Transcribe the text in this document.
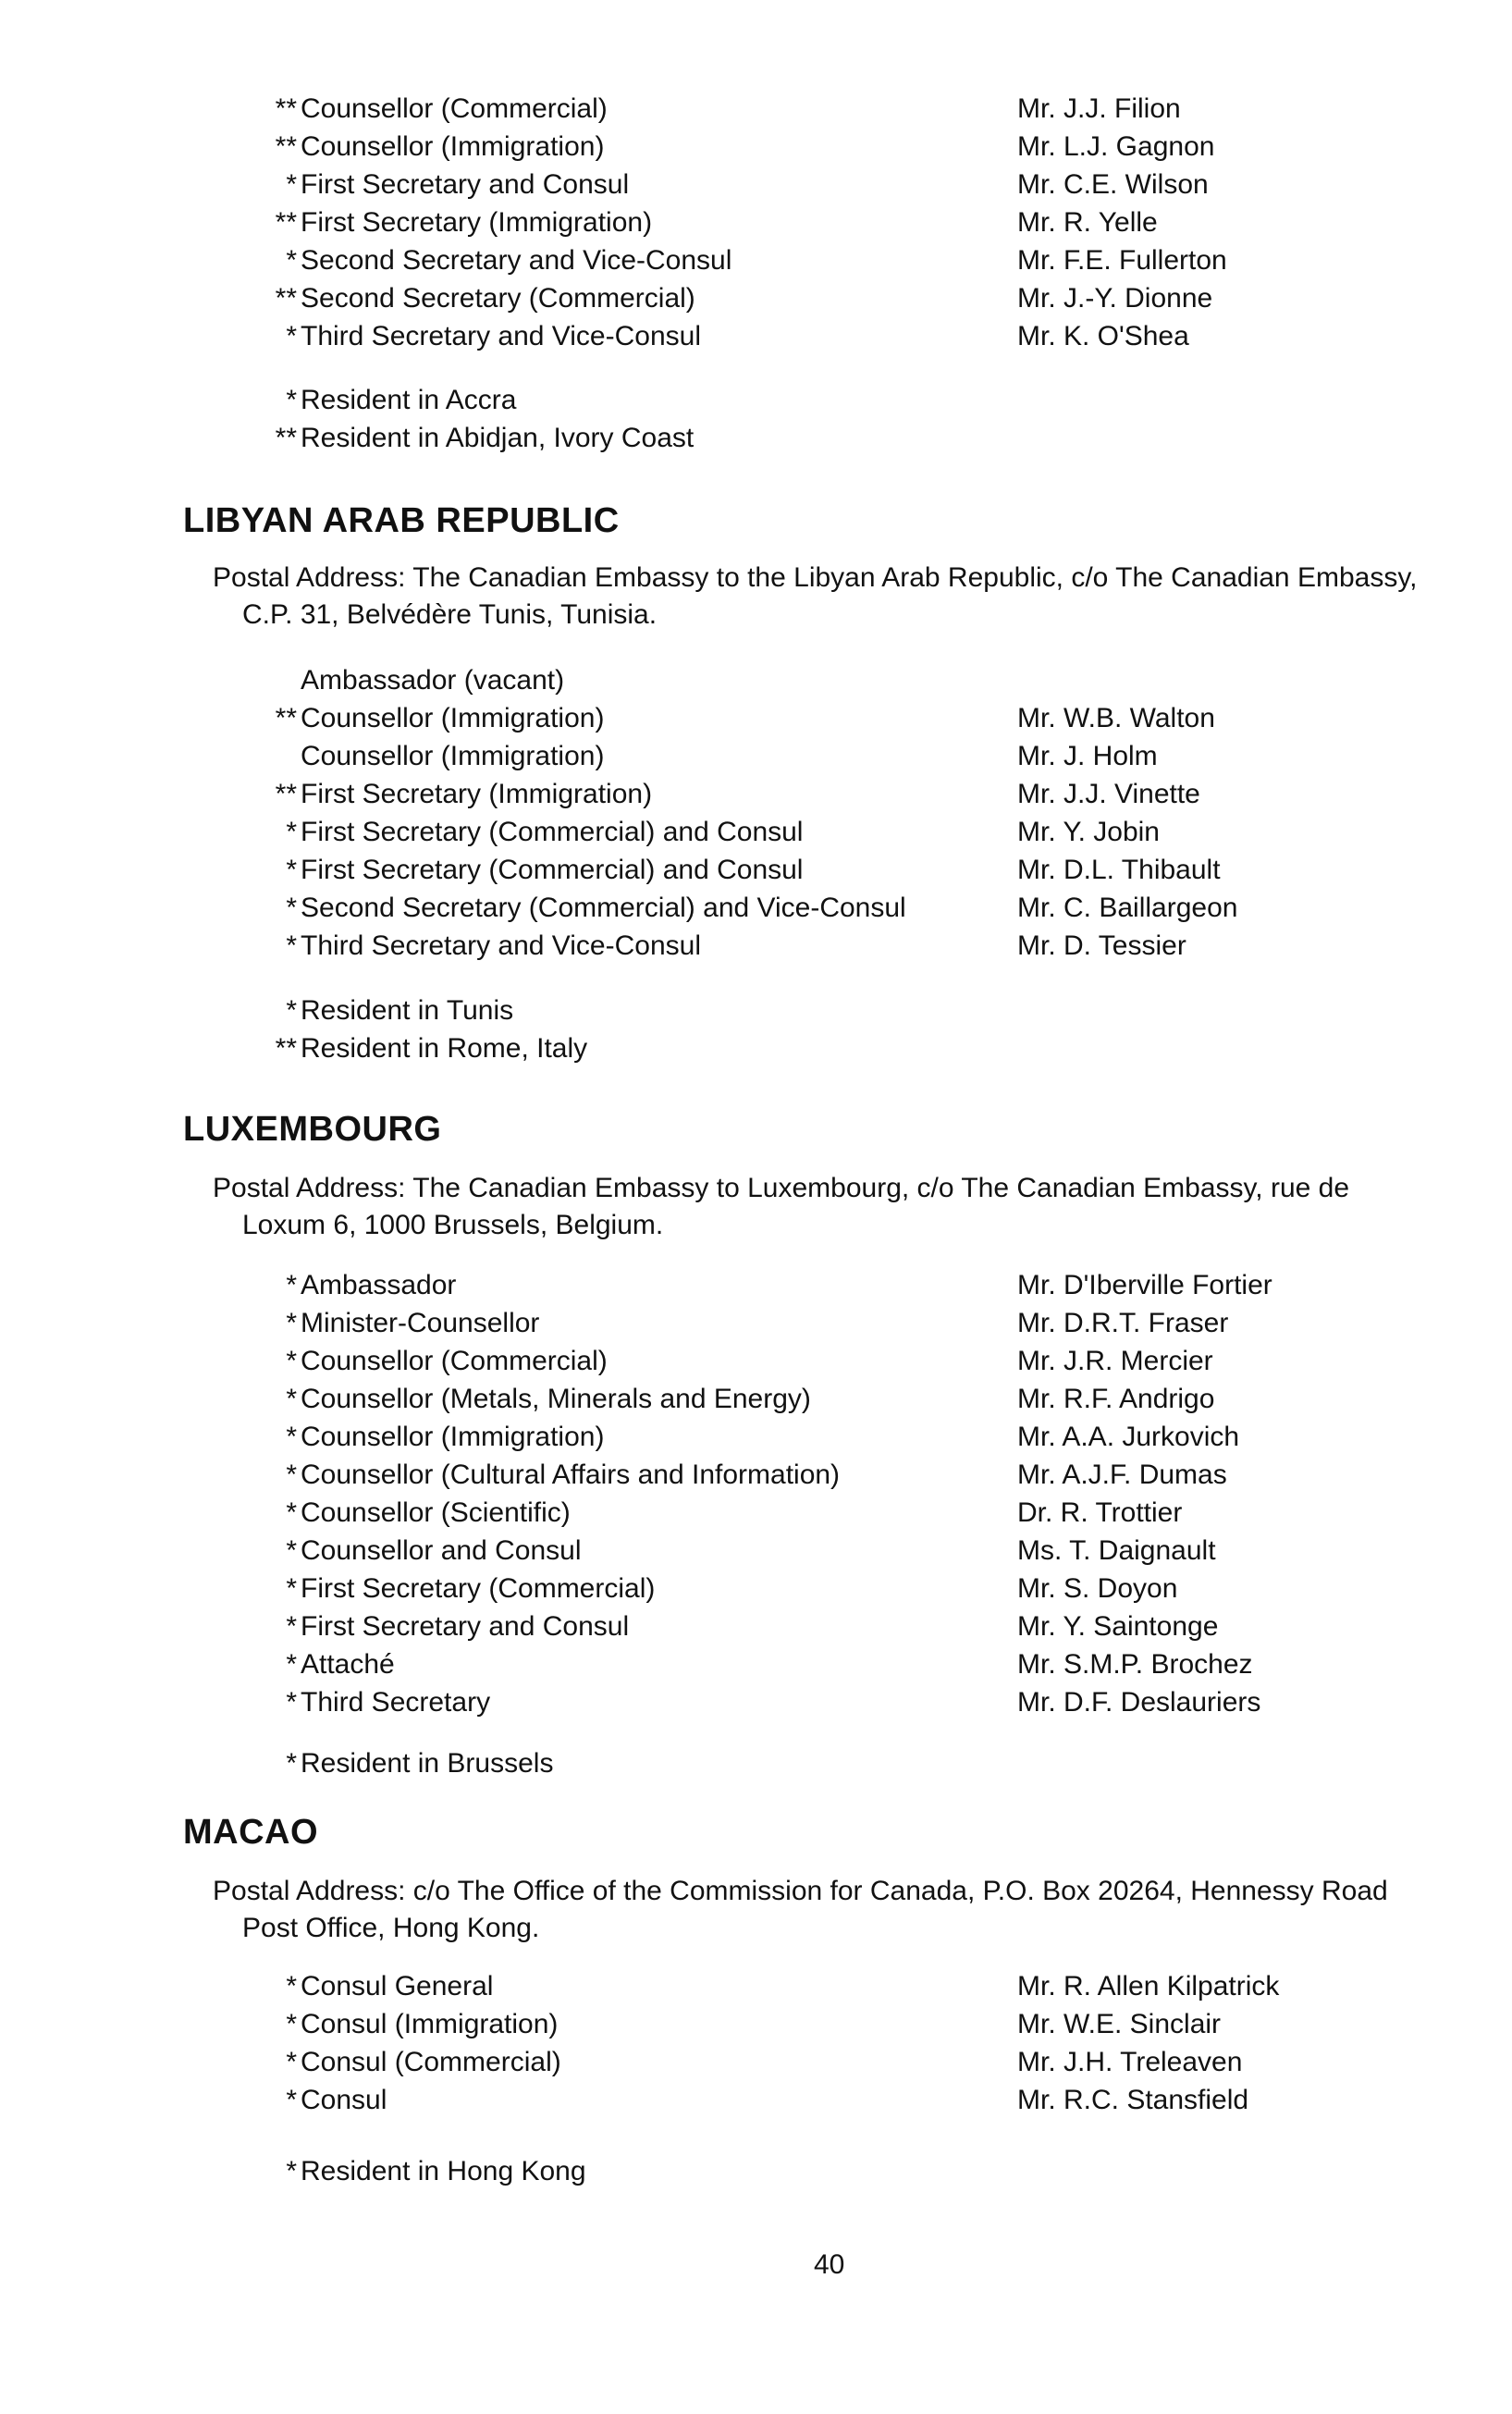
** Counsellor (Commercial)	Mr. J.J. Filion
** Counsellor (Immigration)	Mr. L.J. Gagnon
* First Secretary and Consul	Mr. C.E. Wilson
** First Secretary (Immigration)	Mr. R. Yelle
* Second Secretary and Vice-Consul	Mr. F.E. Fullerton
** Second Secretary (Commercial)	Mr. J.-Y. Dionne
* Third Secretary and Vice-Consul	Mr. K. O'Shea
* Resident in Accra
** Resident in Abidjan, Ivory Coast
LIBYAN ARAB REPUBLIC
Postal Address: The Canadian Embassy to the Libyan Arab Republic, c/o The Canadian Embassy,
C.P. 31, Belvédère Tunis, Tunisia.
Ambassador (vacant)
** Counsellor (Immigration)	Mr. W.B. Walton
Counsellor (Immigration)	Mr. J. Holm
** First Secretary (Immigration)	Mr. J.J. Vinette
* First Secretary (Commercial) and Consul	Mr. Y. Jobin
* First Secretary (Commercial) and Consul	Mr. D.L. Thibault
* Second Secretary (Commercial) and Vice-Consul	Mr. C. Baillargeon
* Third Secretary and Vice-Consul	Mr. D. Tessier
* Resident in Tunis
** Resident in Rome, Italy
LUXEMBOURG
Postal Address: The Canadian Embassy to Luxembourg, c/o The Canadian Embassy, rue de
Loxum 6, 1000 Brussels, Belgium.
* Ambassador	Mr. D'Iberville Fortier
* Minister-Counsellor	Mr. D.R.T. Fraser
* Counsellor (Commercial)	Mr. J.R. Mercier
* Counsellor (Metals, Minerals and Energy)	Mr. R.F. Andrigo
* Counsellor (Immigration)	Mr. A.A. Jurkovich
* Counsellor (Cultural Affairs and Information)	Mr. A.J.F. Dumas
* Counsellor (Scientific)	Dr. R. Trottier
* Counsellor and Consul	Ms. T. Daignault
* First Secretary (Commercial)	Mr. S. Doyon
* First Secretary and Consul	Mr. Y. Saintonge
* Attaché	Mr. S.M.P. Brochez
* Third Secretary	Mr. D.F. Deslauriers
* Resident in Brussels
MACAO
Postal Address: c/o The Office of the Commission for Canada, P.O. Box 20264, Hennessy Road
Post Office, Hong Kong.
* Consul General	Mr. R. Allen Kilpatrick
* Consul (Immigration)	Mr. W.E. Sinclair
* Consul (Commercial)	Mr. J.H. Treleaven
* Consul	Mr. R.C. Stansfield
* Resident in Hong Kong
40
